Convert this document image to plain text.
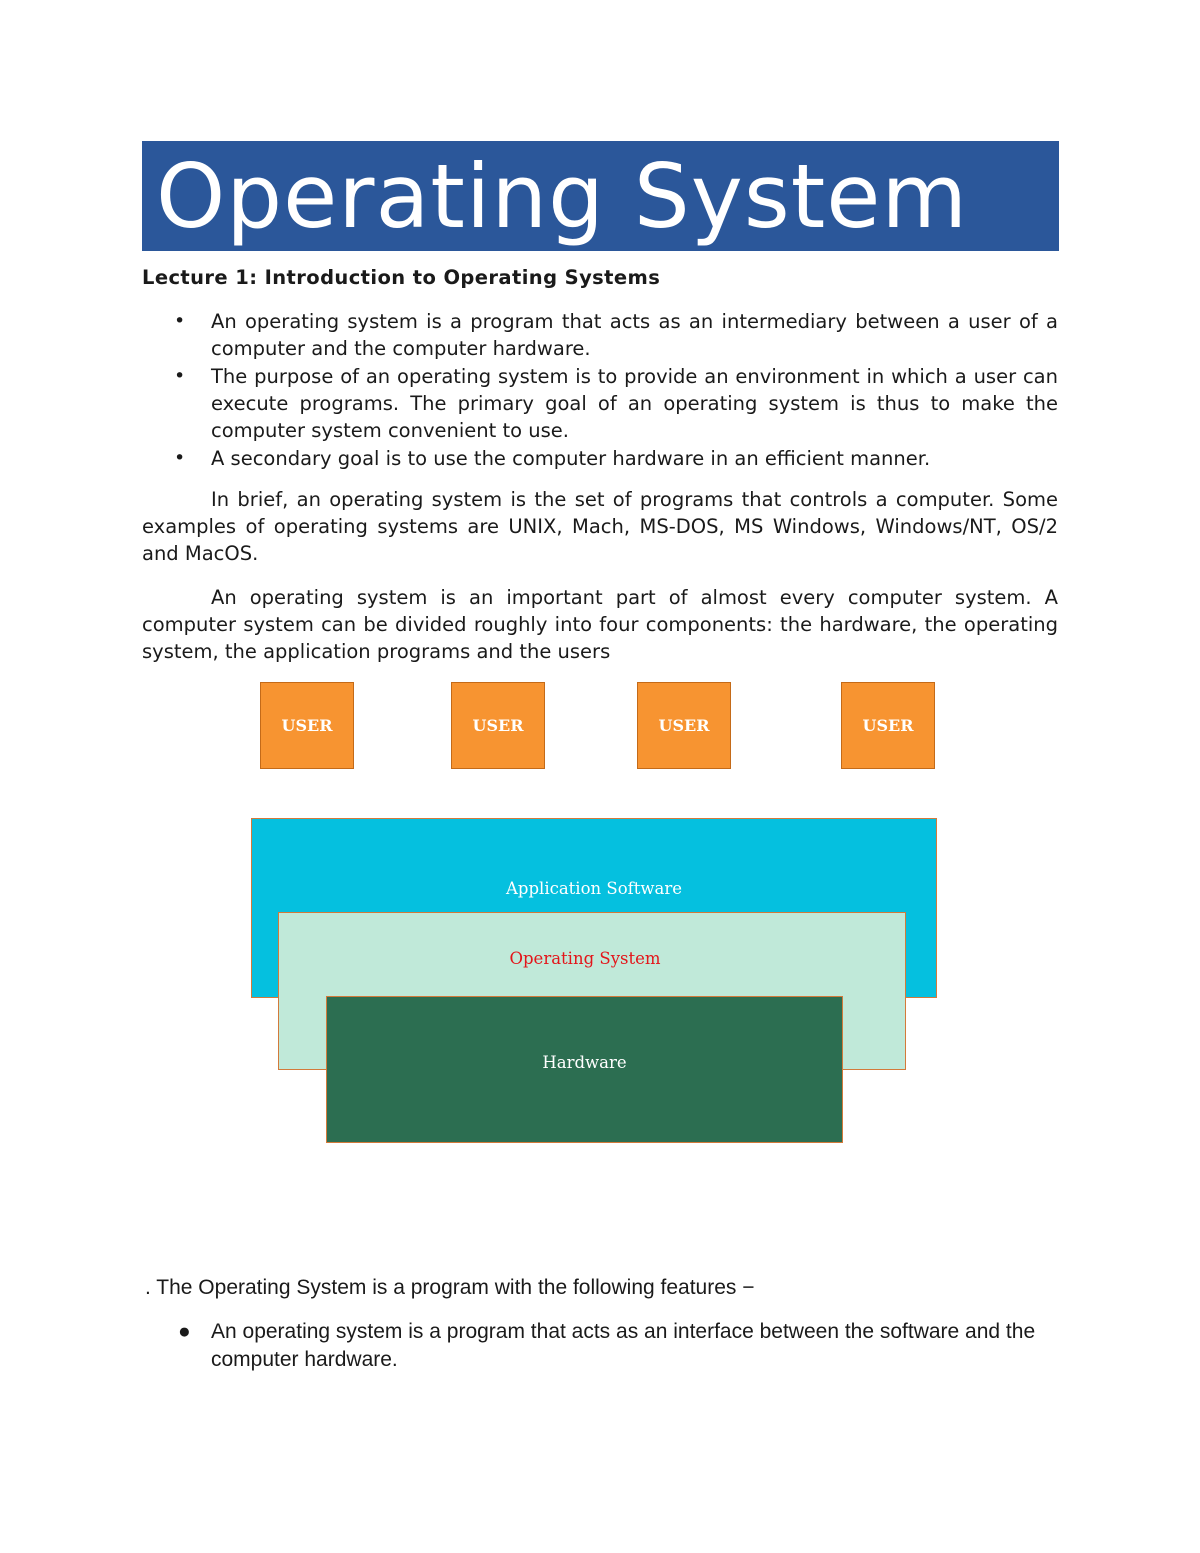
Operating System
Lecture 1: Introduction to Operating Systems
• An operating system is a program that acts as an intermediary between a user of a computer and the computer hardware.
• The purpose of an operating system is to provide an environment in which a user can execute programs. The primary goal of an operating system is thus to make the computer system convenient to use.
• A secondary goal is to use the computer hardware in an efficient manner.
In brief, an operating system is the set of programs that controls a computer. Some examples of operating systems are UNIX, Mach, MS-DOS, MS Windows, Windows/NT, OS/2 and MacOS.
An operating system is an important part of almost every computer system. A computer system can be divided roughly into four components: the hardware, the operating system, the application programs and the users
USER	USER	USER	USER
Application Software
Operating System
Hardware
. The Operating System is a program with the following features −
● An operating system is a program that acts as an interface between the software and the computer hardware.
